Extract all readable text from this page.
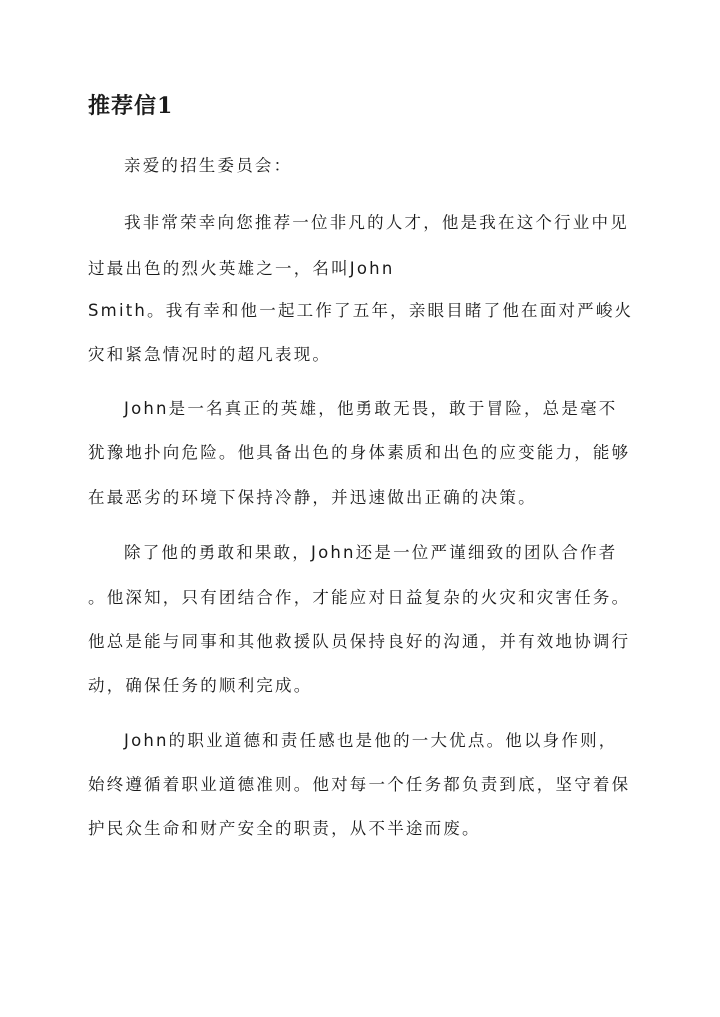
推荐信1

亲爱的招生委员会：

我非常荣幸向您推荐一位非凡的人才，他是我在这个行业中见

过最出色的烈火英雄之一，名叫John

Smith。我有幸和他一起工作了五年，亲眼目睹了他在面对严峻火

灾和紧急情况时的超凡表现。

John是一名真正的英雄，他勇敢无畏，敢于冒险，总是毫不

犹豫地扑向危险。他具备出色的身体素质和出色的应变能力，能够

在最恶劣的环境下保持冷静，并迅速做出正确的决策。

除了他的勇敢和果敢，John还是一位严谨细致的团队合作者

。他深知，只有团结合作，才能应对日益复杂的火灾和灾害任务。

他总是能与同事和其他救援队员保持良好的沟通，并有效地协调行

动，确保任务的顺利完成。

John的职业道德和责任感也是他的一大优点。他以身作则，

始终遵循着职业道德准则。他对每一个任务都负责到底，坚守着保

护民众生命和财产安全的职责，从不半途而废。
